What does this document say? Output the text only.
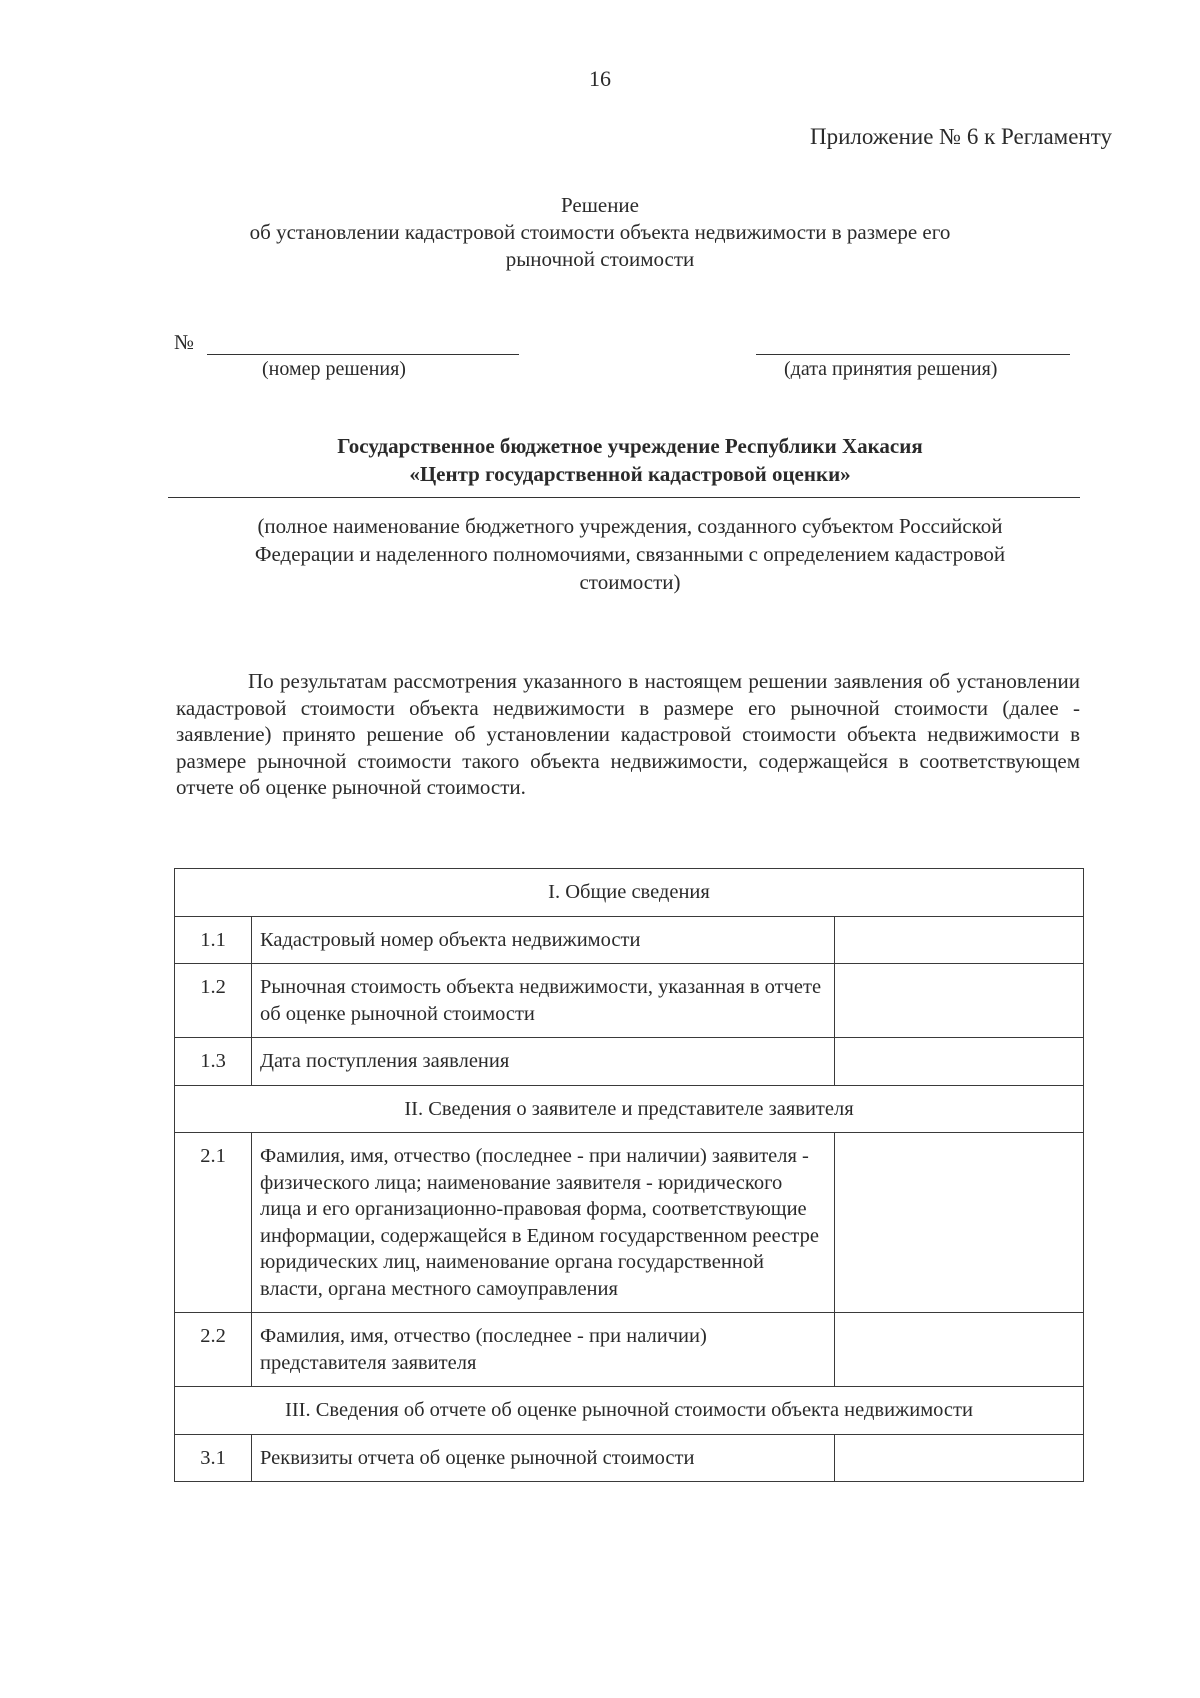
16
Приложение № 6 к Регламенту
Решение
об установлении кадастровой стоимости объекта недвижимости в размере его
рыночной стоимости
№
(номер решения)	(дата принятия решения)
Государственное бюджетное учреждение Республики Хакасия
«Центр государственной кадастровой оценки»
(полное наименование бюджетного учреждения, созданного субъектом Российской
Федерации и наделенного полномочиями, связанными с определением кадастровой
стоимости)
По результатам рассмотрения указанного в настоящем решении заявления об установлении кадастровой стоимости объекта недвижимости в размере его рыночной стоимости (далее - заявление) принято решение об установлении кадастровой стоимости объекта недвижимости в размере рыночной стоимости такого объекта недвижимости, содержащейся в соответствующем отчете об оценке рыночной стоимости.
I. Общие сведения		
1.1	Кадастровый номер объекта недвижимости	
1.2	Рыночная стоимость объекта недвижимости, указанная в отчете об оценке рыночной стоимости	
1.3	Дата поступления заявления	
II. Сведения о заявителе и представителе заявителя		
2.1	Фамилия, имя, отчество (последнее - при наличии) заявителя - физического лица; наименование заявителя - юридического лица и его организационно-правовая форма, соответствующие информации, содержащейся в Едином государственном реестре юридических лиц, наименование органа государственной власти, органа местного самоуправления	
2.2	Фамилия, имя, отчество (последнее - при наличии) представителя заявителя	
III. Сведения об отчете об оценке рыночной стоимости объекта недвижимости		
3.1	Реквизиты отчета об оценке рыночной стоимости	
